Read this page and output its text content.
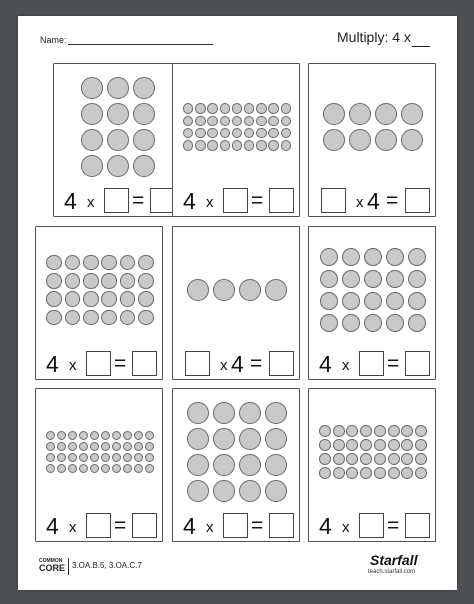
Name:	Multiply: 4 x
4 x = 4 x =	x 4 =
4 x =	x 4 = 4 x =
4 x = 4 x = 4 x =
COMMON
CORE 3.OA.B.5, 3.OA.C.7	Starfall
teach.starfall.com
